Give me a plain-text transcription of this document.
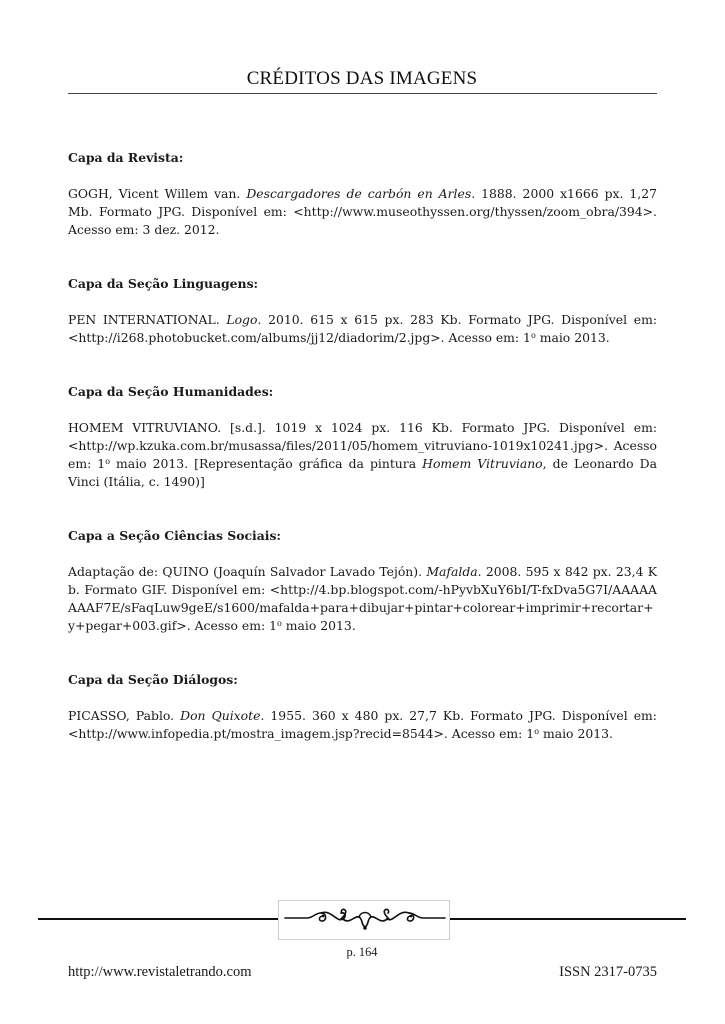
CRÉDITOS DAS IMAGENS

Capa da Revista:

GOGH, Vicent Willem van. Descargadores de carbón en Arles. 1888. 2000 x1666 px. 1,27 Mb. Formato JPG. Disponível em: <http://www.museothyssen.org/thyssen/zoom_obra/394>. Acesso em: 3 dez. 2012.

Capa da Seção Linguagens:

PEN INTERNATIONAL. Logo. 2010. 615 x 615 px. 283 Kb. Formato JPG. Disponível em: <http://i268.photobucket.com/albums/jj12/diadorim/2.jpg>. Acesso em: 1$^o$ maio 2013.

Capa da Seção Humanidades:

HOMEM VITRUVIANO. [s.d.]. 1019 x 1024 px. 116 Kb. Formato JPG. Disponível em: <http://wp.kzuka.com.br/musassa/files/2011/05/homem_vitruviano-1019x10241.jpg>. Acesso em: 1$^o$ maio 2013. [Representação gráfica da pintura Homem Vitruviano, de Leonardo Da Vinci (Itália, c. 1490)]

Capa a Seção Ciências Sociais:

Adaptação de: QUINO (Joaquín Salvador Lavado Tejón). Mafalda. 2008. 595 x 842 px. 23,4 Kb. Formato GIF. Disponível em: <http://4.bp.blogspot.com/-hPyvbXuY6bI/T-fxDva5G7I/AAAAAAAAF7E/sFaqLuw9geE/s1600/mafalda+para+dibujar+pintar+colorear+imprimir+recortar+y+pegar+003.gif>. Acesso em: 1$^o$ maio 2013.

Capa da Seção Diálogos:

PICASSO, Pablo. Don Quixote. 1955. 360 x 480 px. 27,7 Kb. Formato JPG. Disponível em: <http://www.infopedia.pt/mostra_imagem.jsp?recid=8544>. Acesso em: 1$^o$ maio 2013.

p. 164
http://www.revistaletrando.com	ISSN 2317-0735
